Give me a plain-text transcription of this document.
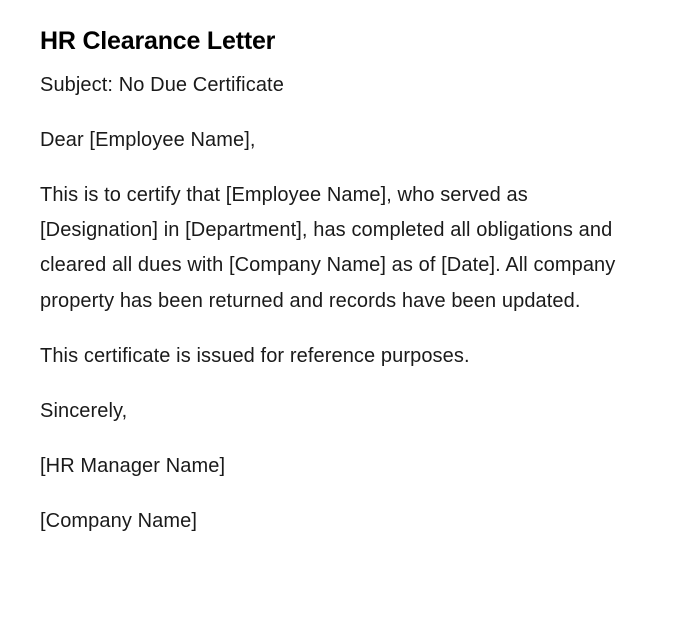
HR Clearance Letter

Subject: No Due Certificate

Dear [Employee Name],

This is to certify that [Employee Name], who served as [Designation] in [Department], has completed all obligations and cleared all dues with [Company Name] as of [Date]. All company property has been returned and records have been updated.

This certificate is issued for reference purposes.

Sincerely,

[HR Manager Name]

[Company Name]
